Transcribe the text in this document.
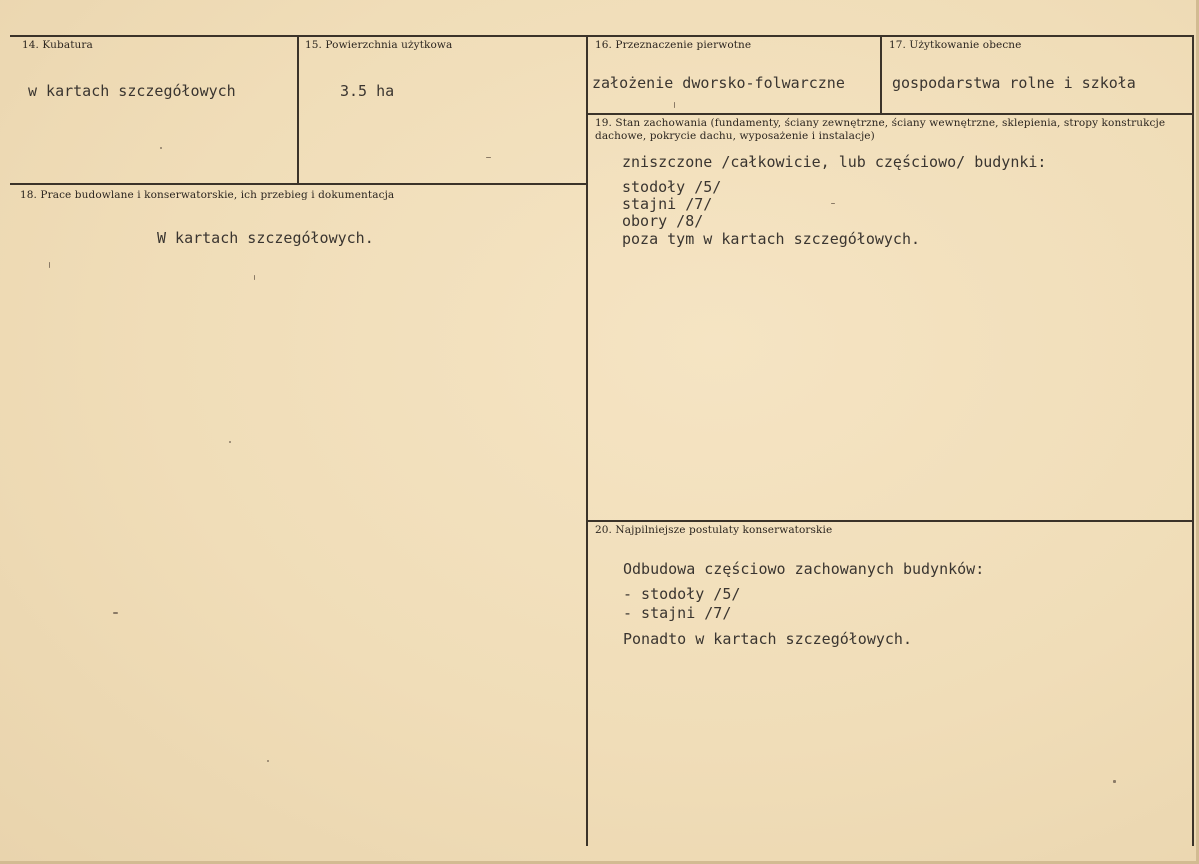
14. Kubatura
w kartach szczegółowych
15. Powierzchnia użytkowa
3.5 ha
16. Przeznaczenie pierwotne
założenie dworsko-folwarczne
17. Użytkowanie obecne
gospodarstwa rolne i szkoła
18. Prace budowlane i konserwatorskie, ich przebieg i dokumentacja
W kartach szczegółowych.
19. Stan zachowania (fundamenty, ściany zewnętrzne, ściany wewnętrzne, sklepienia, stropy konstrukcje dachowe, pokrycie dachu, wyposażenie i instalacje)
zniszczone /całkowicie, lub częściowo/ budynki:
stodoły /5/
stajni /7/
obory /8/
poza tym w kartach szczegółowych.
20. Najpilniejsze postulaty konserwatorskie
Odbudowa częściowo zachowanych budynków:
- stodoły /5/
- stajni /7/
Ponadto w kartach szczegółowych.
